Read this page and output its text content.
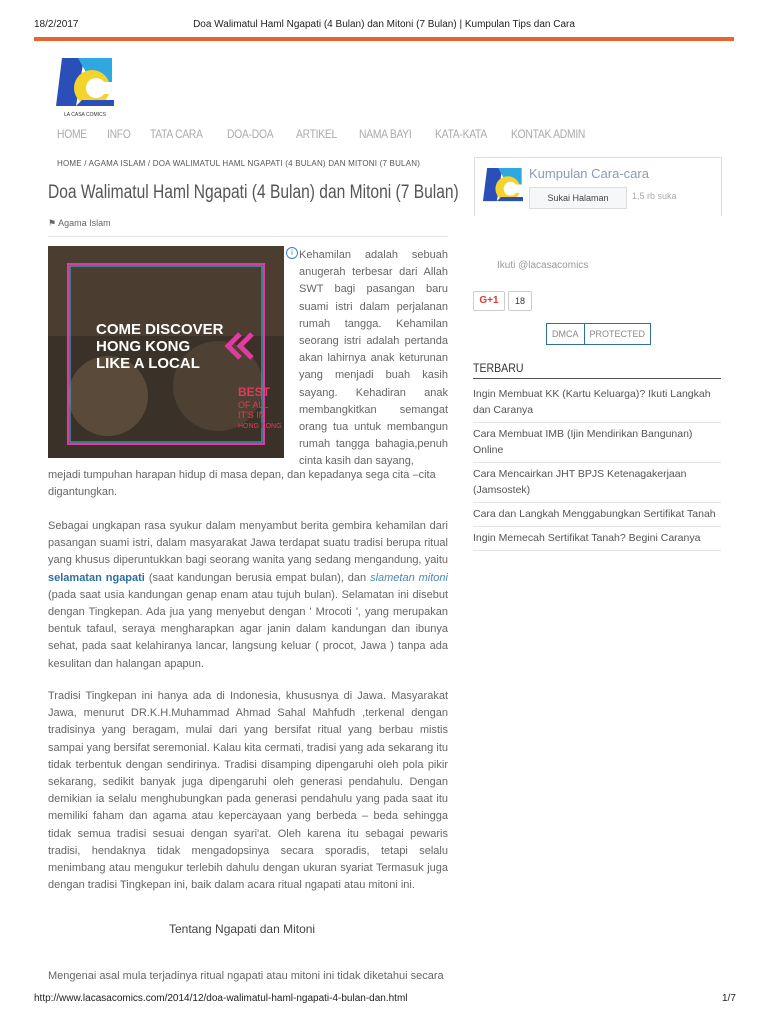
18/2/2017	Doa Walimatul Haml Ngapati (4 Bulan) dan Mitoni (7 Bulan) | Kumpulan Tips dan Cara
LA CASA COMICS
HOME INFO TATA CARA DOA-DOA ARTIKEL NAMA BAYI KATA-KATA KONTAK ADMIN
HOME / AGAMA ISLAM / DOA WALIMATUL HAML NGAPATI (4 BULAN) DAN MITONI (7 BULAN)
Doa Walimatul Haml Ngapati (4 Bulan) dan Mitoni (7 Bulan)
⚑ Agama Islam
COME DISCOVER
HONG KONG
LIKE A LOCAL
BEST
OF ALL
IT'S IN
HONG KONG
i Kehamilan adalah sebuah anugerah terbesar dari Allah SWT bagi pasangan baru suami istri dalam perjalanan rumah tangga. Kehamilan seorang istri adalah pertanda akan lahirnya anak keturunan yang menjadi buah kasih sayang. Kehadiran anak membangkitkan semangat orang tua untuk membangun rumah tangga bahagia,penuh cinta kasih dan sayang,
mejadi tumpuhan harapan hidup di masa depan, dan kepadanya sega cita –cita digantungkan.
Sebagai ungkapan rasa syukur dalam menyambut berita gembira kehamilan dari pasangan suami istri, dalam masyarakat Jawa terdapat suatu tradisi berupa ritual yang khusus diperuntukkan bagi seorang wanita yang sedang mengandung, yaitu selamatan ngapati (saat kandungan berusia empat bulan), dan slametan mitoni (pada saat usia kandungan genap enam atau tujuh bulan). Selamatan ini disebut dengan Tingkepan. Ada jua yang menyebut dengan ' Mrocoti ', yang merupakan bentuk tafaul, seraya mengharapkan agar janin dalam kandungan dan ibunya sehat, pada saat kelahiranya lancar, langsung keluar ( procot, Jawa ) tanpa ada kesulitan dan halangan apapun.
Tradisi Tingkepan ini hanya ada di Indonesia, khususnya di Jawa. Masyarakat Jawa, menurut DR.K.H.Muhammad Ahmad Sahal Mahfudh ,terkenal dengan tradisinya yang beragam, mulai dari yang bersifat ritual yang berbau mistis sampai yang bersifat seremonial. Kalau kita cermati, tradisi yang ada sekarang itu tidak terbentuk dengan sendirinya. Tradisi disamping dipengaruhi oleh pola pikir sekarang, sedikit banyak juga dipengaruhi oleh generasi pendahulu. Dengan demikian ia selalu menghubungkan pada generasi pendahulu yang pada saat itu memiliki faham dan agama atau kepercayaan yang berbeda – beda sehingga tidak semua tradisi sesuai dengan syari'at. Oleh karena itu sebagai pewaris tradisi, hendaknya tidak mengadopsinya secara sporadis, tetapi selalu menimbang atau mengukur terlebih dahulu dengan ukuran syariat Termasuk juga dengan tradisi Tingkepan ini, baik dalam acara ritual ngapati atau mitoni ini.
Tentang Ngapati dan Mitoni
Mengenai asal mula terjadinya ritual ngapati atau mitoni ini tidak diketahui secara
Kumpulan Cara-cara
Sukai Halaman	1,5 rb suka
Ikuti @lacasacomics
G+1	18
DMCA	PROTECTED
TERBARU
Ingin Membuat KK (Kartu Keluarga)? Ikuti Langkah dan Caranya
Cara Membuat IMB (Ijin Mendirikan Bangunan) Online
Cara Mencairkan JHT BPJS Ketenagakerjaan (Jamsostek)
Cara dan Langkah Menggabungkan Sertifikat Tanah
Ingin Memecah Sertifikat Tanah? Begini Caranya
http://www.lacasacomics.com/2014/12/doa-walimatul-haml-ngapati-4-bulan-dan.html	1/7
